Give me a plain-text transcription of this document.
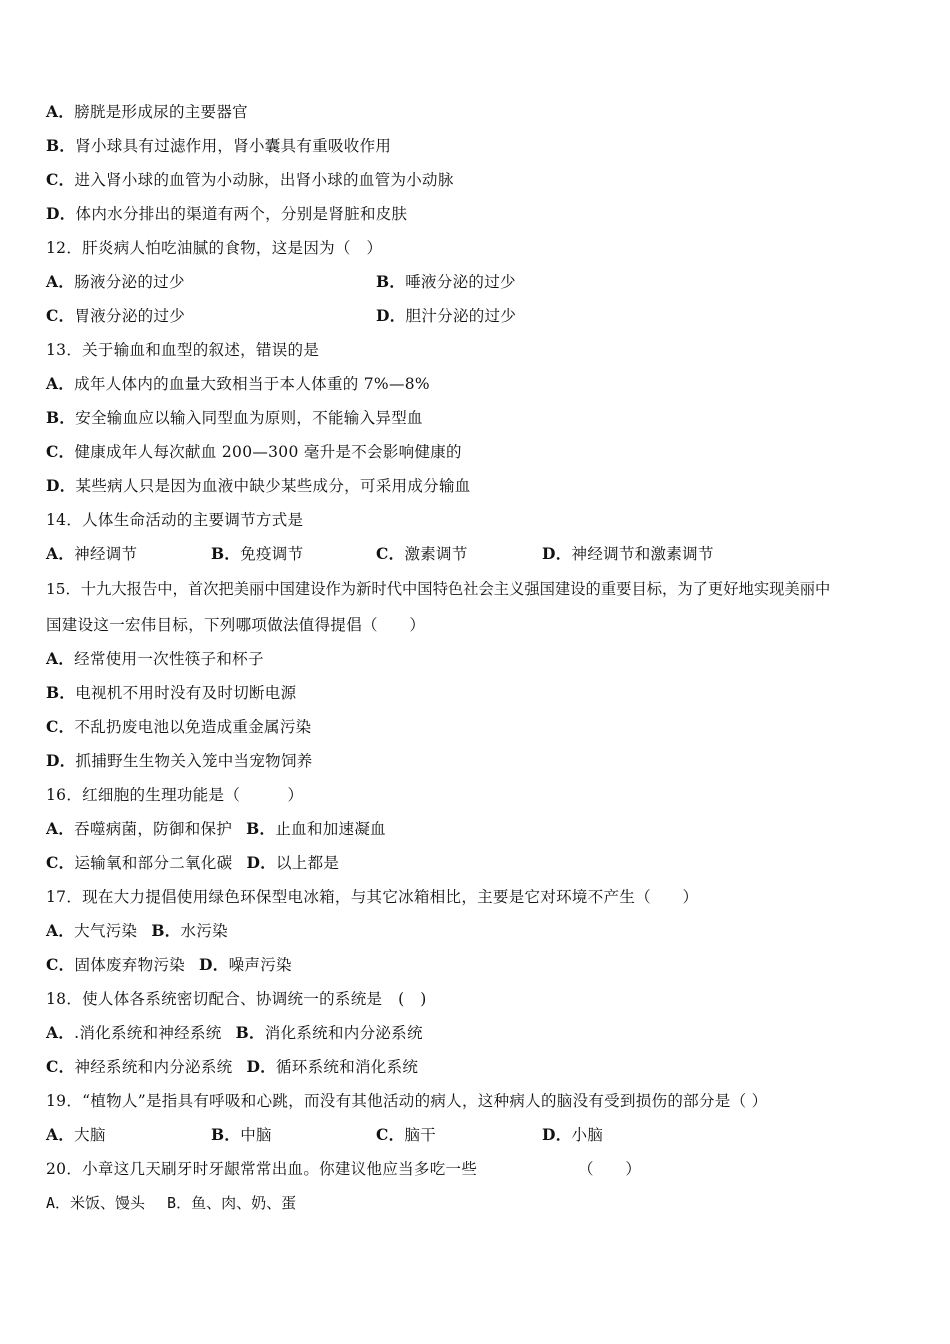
A．膀胱是形成尿的主要器官
B．肾小球具有过滤作用，肾小囊具有重吸收作用
C．进入肾小球的血管为小动脉，出肾小球的血管为小动脉
D．体内水分排出的渠道有两个，分别是肾脏和皮肤
12．肝炎病人怕吃油腻的食物，这是因为（　）
A．肠液分泌的过少	B．唾液分泌的过少
C．胃液分泌的过少	D．胆汁分泌的过少
13．关于输血和血型的叙述，错误的是
A．成年人体内的血量大致相当于本人体重的 7%—8%
B．安全输血应以输入同型血为原则，不能输入异型血
C．健康成年人每次献血 200—300 毫升是不会影响健康的
D．某些病人只是因为血液中缺少某些成分，可采用成分输血
14．人体生命活动的主要调节方式是
A．神经调节	B．免疫调节	C．激素调节	D．神经调节和激素调节
15．十九大报告中，首次把美丽中国建设作为新时代中国特色社会主义强国建设的重要目标，为了更好地实现美丽中
国建设这一宏伟目标，下列哪项做法值得提倡（　　）
A．经常使用一次性筷子和杯子
B．电视机不用时没有及时切断电源
C．不乱扔废电池以免造成重金属污染
D．抓捕野生生物关入笼中当宠物饲养
16．红细胞的生理功能是（　　　）
A．吞噬病菌，防御和保护 B．止血和加速凝血
C．运输氧和部分二氧化碳 D．以上都是
17．现在大力提倡使用绿色环保型电冰箱，与其它冰箱相比，主要是它对环境不产生（　　）
A．大气污染 B．水污染
C．固体废弃物污染 D．噪声污染
18．使人体各系统密切配合、协调统一的系统是　(　)
A．.消化系统和神经系统 B．消化系统和内分泌系统
C．神经系统和内分泌系统 D．循环系统和消化系统
19．“植物人”是指具有呼吸和心跳，而没有其他活动的病人，这种病人的脑没有受到损伤的部分是（ ）
A．大脑	B．中脑	C．脑干	D．小脑
20．小章这几天刷牙时牙龈常常出血。你建议他应当多吃一些	（　　）
A．米饭、馒头 B．鱼、肉、奶、蛋
